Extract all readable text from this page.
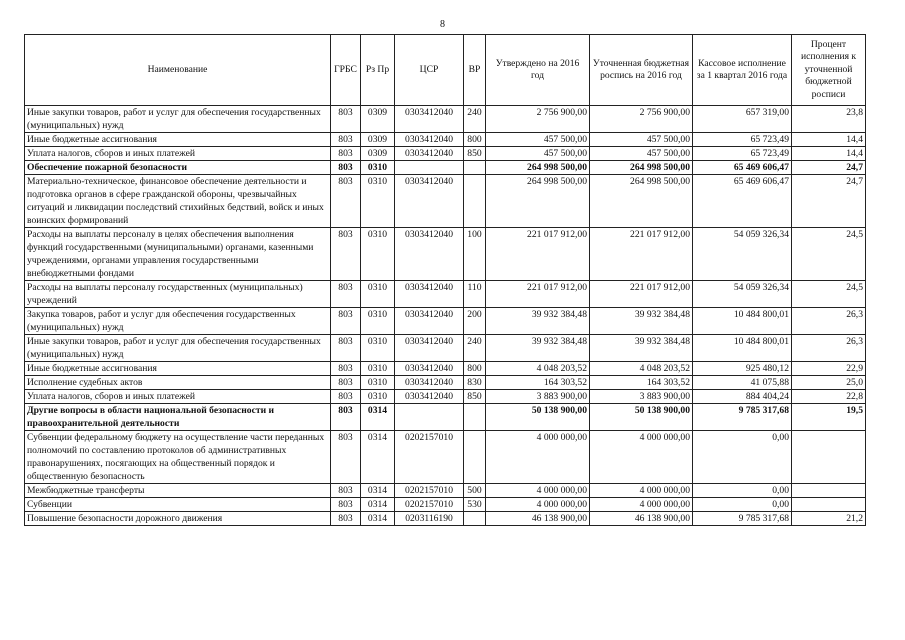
8
Наименование	ГРБС	Рз Пр	ЦСР	ВР	Утверждено на 2016 год	Уточненная бюджетная роспись на 2016 год	Кассовое исполнение за 1 квартал 2016 года	Процент исполнения к уточненной бюджетной росписи
Иные закупки товаров, работ и услуг для обеспечения государственных (муниципальных) нужд	803	0309	0303412040	240	2 756 900,00	2 756 900,00	657 319,00	23,8
Иные бюджетные ассигнования	803	0309	0303412040	800	457 500,00	457 500,00	65 723,49	14,4
Уплата налогов, сборов и иных платежей	803	0309	0303412040	850	457 500,00	457 500,00	65 723,49	14,4
Обеспечение пожарной безопасности	803	0310			264 998 500,00	264 998 500,00	65 469 606,47	24,7
Материально-техническое, финансовое обеспечение деятельности и подготовка органов в сфере гражданской обороны, чрезвычайных ситуаций и ликвидации последствий стихийных бедствий, войск и иных воинских формирований	803	0310	0303412040		264 998 500,00	264 998 500,00	65 469 606,47	24,7
Расходы на выплаты персоналу в целях обеспечения выполнения функций государственными (муниципальными) органами, казенными учреждениями, органами управления государственными внебюджетными фондами	803	0310	0303412040	100	221 017 912,00	221 017 912,00	54 059 326,34	24,5
Расходы на выплаты персоналу государственных (муниципальных) учреждений	803	0310	0303412040	110	221 017 912,00	221 017 912,00	54 059 326,34	24,5
Закупка товаров, работ и услуг для обеспечения государственных (муниципальных) нужд	803	0310	0303412040	200	39 932 384,48	39 932 384,48	10 484 800,01	26,3
Иные закупки товаров, работ и услуг для обеспечения государственных (муниципальных) нужд	803	0310	0303412040	240	39 932 384,48	39 932 384,48	10 484 800,01	26,3
Иные бюджетные ассигнования	803	0310	0303412040	800	4 048 203,52	4 048 203,52	925 480,12	22,9
Исполнение судебных актов	803	0310	0303412040	830	164 303,52	164 303,52	41 075,88	25,0
Уплата налогов, сборов и иных платежей	803	0310	0303412040	850	3 883 900,00	3 883 900,00	884 404,24	22,8
Другие вопросы в области национальной безопасности и правоохранительной деятельности	803	0314			50 138 900,00	50 138 900,00	9 785 317,68	19,5
Субвенции федеральному бюджету на осуществление части переданных полномочий по составлению протоколов об административных правонарушениях, посягающих на общественный порядок и общественную безопасность	803	0314	0202157010		4 000 000,00	4 000 000,00	0,00	
Межбюджетные трансферты	803	0314	0202157010	500	4 000 000,00	4 000 000,00	0,00	
Субвенции	803	0314	0202157010	530	4 000 000,00	4 000 000,00	0,00	
Повышение безопасности дорожного движения	803	0314	0203116190		46 138 900,00	46 138 900,00	9 785 317,68	21,2
